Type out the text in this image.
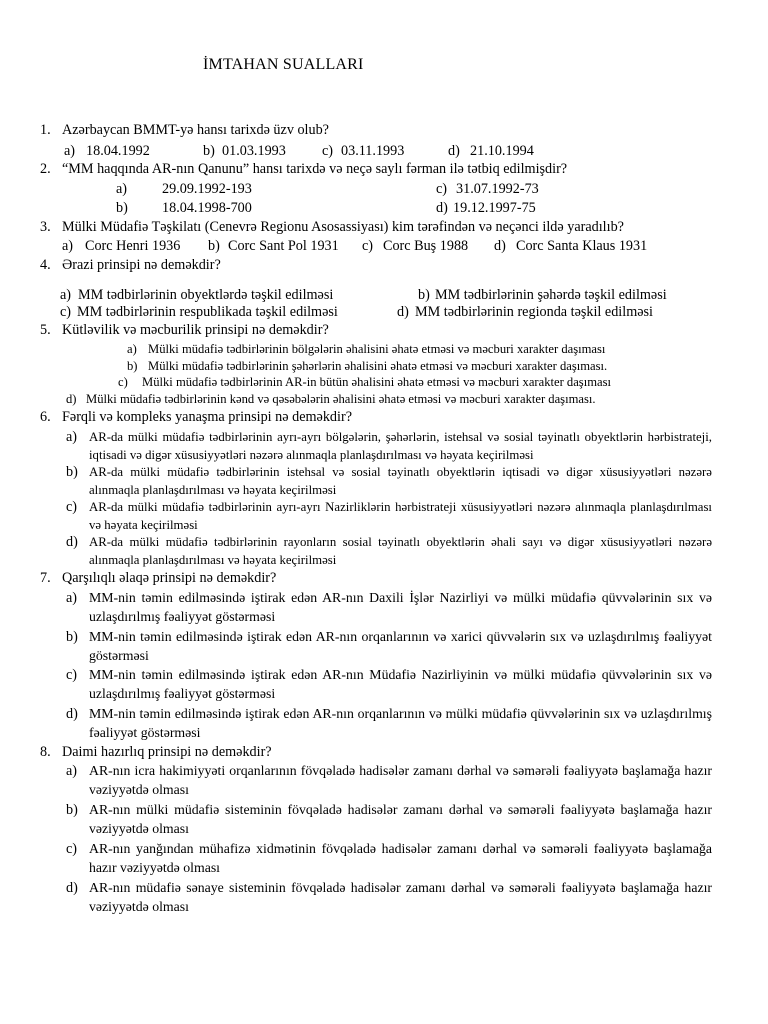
İMTAHAN SUALLARI
1. Azərbaycan BMMT-yə hansı tarixdə üzv olub?
a) 18.04.1992	b) 01.03.1993	c) 03.11.1993	d) 21.10.1994
2. “MM haqqında AR-nın Qanunu” hansı tarixdə və neçə saylı fərman ilə tətbiq edilmişdir?
a) 29.09.1992-193	c) 31.07.1992-73
b) 18.04.1998-700	d) 19.12.1997-75
3. Mülki Müdafiə Təşkilatı (Cenevrə Regionu Asosassiyası) kim tərəfindən və neçənci ildə yaradılıb?
a) Corc Henri 1936 b) Corc Sant Pol 1931 c) Corc Buş 1988 d) Corc Santa Klaus 1931
4. Ərazi prinsipi nə deməkdir?
a) MM tədbirlərinin obyektlərdə təşkil edilməsi	b) MM tədbirlərinin şəhərdə təşkil edilməsi
c) MM tədbirlərinin respublikada təşkil edilməsi	d) MM tədbirlərinin regionda təşkil edilməsi
5. Kütləvilik və məcburilik prinsipi nə deməkdir?
a) Mülki müdafiə tədbirlərinin bölgələrin əhalisini əhatə etməsi və məcburi xarakter daşıması
b) Mülki müdafiə tədbirlərinin şəhərlərin əhalisini əhatə etməsi və məcburi xarakter daşıması.
c) Mülki müdafiə tədbirlərinin AR-in bütün əhalisini əhatə etməsi və məcburi xarakter daşıması
d) Mülki müdafiə tədbirlərinin kənd və qəsəbələrin əhalisini əhatə etməsi və məcburi xarakter daşıması.
6. Fərqli və kompleks yanaşma prinsipi nə deməkdir?
a) AR-da mülki müdafiə tədbirlərinin ayrı-ayrı bölgələrin, şəhərlərin, istehsal və sosial təyinatlı obyektlərin hərbistrateji, iqtisadi və digər xüsusiyyətləri nəzərə alınmaqla planlaşdırılması və həyata keçirilməsi
b) AR-da mülki müdafiə tədbirlərinin istehsal və sosial təyinatlı obyektlərin iqtisadi və digər xüsusiyyətləri nəzərə alınmaqla planlaşdırılması və həyata keçirilməsi
c) AR-da mülki müdafiə tədbirlərinin ayrı-ayrı Nazirliklərin hərbistrateji xüsusiyyətləri nəzərə alınmaqla planlaşdırılması və həyata keçirilməsi
d) AR-da mülki müdafiə tədbirlərinin rayonların sosial təyinatlı obyektlərin əhali sayı və digər xüsusiyyətləri nəzərə alınmaqla planlaşdırılması və həyata keçirilməsi
7. Qarşılıqlı əlaqə prinsipi nə deməkdir?
a) MM-nin təmin edilməsində iştirak edən AR-nın Daxili İşlər Nazirliyi və mülki müdafiə qüvvələrinin sıx və uzlaşdırılmış fəaliyyət göstərməsi
b) MM-nin təmin edilməsində iştirak edən AR-nın orqanlarının və xarici qüvvələrin sıx və uzlaşdırılmış fəaliyyət göstərməsi
c) MM-nin təmin edilməsində iştirak edən AR-nın Müdafiə Nazirliyinin və mülki müdafiə qüvvələrinin sıx və uzlaşdırılmış fəaliyyət göstərməsi
d) MM-nin təmin edilməsində iştirak edən AR-nın orqanlarının və mülki müdafiə qüvvələrinin sıx və uzlaşdırılmış fəaliyyət göstərməsi
8. Daimi hazırlıq prinsipi nə deməkdir?
a) AR-nın icra hakimiyyəti orqanlarının fövqəladə hadisələr zamanı dərhal və səmərəli fəaliyyətə başlamağa hazır vəziyyətdə olması
b) AR-nın mülki müdafiə sisteminin fövqəladə hadisələr zamanı dərhal və səmərəli fəaliyyətə başlamağa hazır vəziyyətdə olması
c) AR-nın yanğından mühafizə xidmətinin fövqəladə hadisələr zamanı dərhal və səmərəli fəaliyyətə başlamağa hazır vəziyyətdə olması
d) AR-nın müdafiə sənaye sisteminin fövqəladə hadisələr zamanı dərhal və səmərəli fəaliyyətə başlamağa hazır vəziyyətdə olması
